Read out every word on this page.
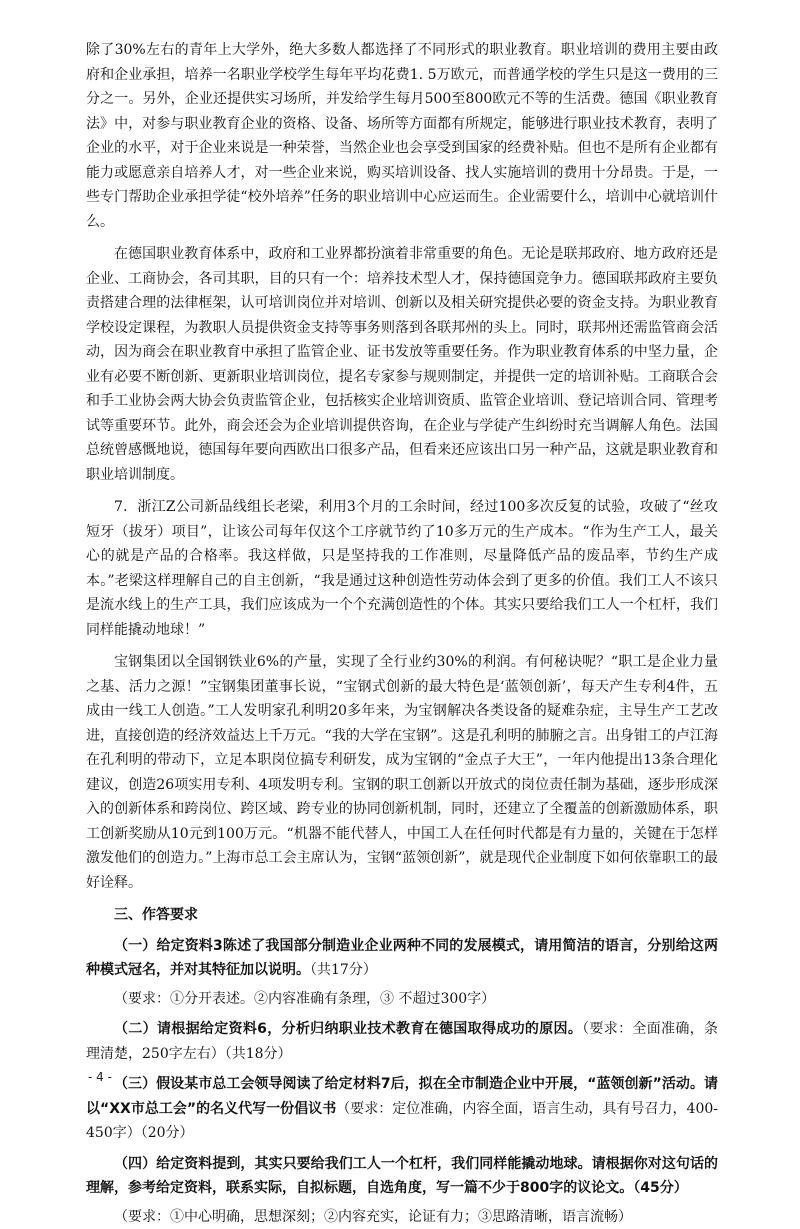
除了30%左右的青年上大学外，绝大多数人都选择了不同形式的职业教育。职业培训的费用主要由政府和企业承担，培养一名职业学校学生每年平均花费1. 5万欧元，而普通学校的学生只是这一费用的三分之一。另外，企业还提供实习场所，并发给学生每月500至800欧元不等的生活费。德国《职业教育法》中，对参与职业教育企业的资格、设备、场所等方面都有所规定，能够进行职业技术教育，表明了企业的水平，对于企业来说是一种荣誉，当然企业也会享受到国家的经费补贴。但也不是所有企业都有能力或愿意亲自培养人才，对一些企业来说，购买培训设备、找人实施培训的费用十分昂贵。于是，一些专门帮助企业承担学徒“校外培养”任务的职业培训中心应运而生。企业需要什么，培训中心就培训什么。

在德国职业教育体系中，政府和工业界都扮演着非常重要的角色。无论是联邦政府、地方政府还是企业、工商协会，各司其职，目的只有一个：培养技术型人才，保持德国竞争力。德国联邦政府主要负责搭建合理的法律框架，认可培训岗位并对培训、创新以及相关研究提供必要的资金支持。为职业教育学校设定课程，为教职人员提供资金支持等事务则落到各联邦州的头上。同时，联邦州还需监管商会活动，因为商会在职业教育中承担了监管企业、证书发放等重要任务。作为职业教育体系的中坚力量，企业有必要不断创新、更新职业培训岗位，提名专家参与规则制定，并提供一定的培训补贴。工商联合会和手工业协会两大协会负责监管企业，包括核实企业培训资质、监管企业培训、登记培训合同、管理考试等重要环节。此外，商会还会为企业培训提供咨询，在企业与学徒产生纠纷时充当调解人角色。法国总统曾感慨地说，德国每年要向西欧出口很多产品，但看来还应该出口另一种产品，这就是职业教育和职业培训制度。

7．浙江Z公司新品线组长老梁，利用3个月的工余时间，经过100多次反复的试验，攻破了“丝攻短牙（拔牙）项目”，让该公司每年仅这个工序就节约了10多万元的生产成本。“作为生产工人，最关心的就是产品的合格率。我这样做，只是坚持我的工作准则，尽量降低产品的废品率，节约生产成本。”老梁这样理解自己的自主创新，“我是通过这种创造性劳动体会到了更多的价值。我们工人不该只是流水线上的生产工具，我们应该成为一个个充满创造性的个体。其实只要给我们工人一个杠杆，我们同样能撬动地球！”

宝钢集团以全国钢铁业6%的产量，实现了全行业约30%的利润。有何秘诀呢？“职工是企业力量之基、活力之源！”宝钢集团董事长说，“宝钢式创新的最大特色是‘蓝领创新’，每天产生专利4件，五成由一线工人创造。”工人发明家孔利明20多年来，为宝钢解决各类设备的疑难杂症，主导生产工艺改进，直接创造的经济效益达上千万元。“我的大学在宝钢”。这是孔利明的肺腑之言。出身钳工的卢江海在孔利明的带动下，立足本职岗位搞专利研发，成为宝钢的“金点子大王”，一年内他提出13条合理化建议，创造26项实用专利、4项发明专利。宝钢的职工创新以开放式的岗位责任制为基础，逐步形成深入的创新体系和跨岗位、跨区域、跨专业的协同创新机制，同时，还建立了全覆盖的创新激励体系，职工创新奖励从10元到100万元。“机器不能代替人，中国工人在任何时代都是有力量的，关键在于怎样激发他们的创造力。”上海市总工会主席认为，宝钢“蓝领创新”，就是现代企业制度下如何依靠职工的最好诠释。

三、作答要求

（一）给定资料3陈述了我国部分制造业企业两种不同的发展模式，请用简洁的语言，分别给这两种模式冠名，并对其特征加以说明。（共17分）

（要求：①分开表述。②内容准确有条理，③ 不超过300字）

（二）请根据给定资料6，分析归纳职业技术教育在德国取得成功的原因。（要求：全面准确，条理清楚，250字左右）（共18分）

（三）假设某市总工会领导阅读了给定材料7后，拟在全市制造企业中开展，“蓝领创新”活动。请以“XX市总工会”的名义代写一份倡议书（要求：定位准确，内容全面，语言生动，具有号召力，400-450字）（20分）

（四）给定资料提到，其实只要给我们工人一个杠杆，我们同样能撬动地球。请根据你对这句话的理解，参考给定资料，联系实际，自拟标题，自选角度，写一篇不少于800字的议论文。（45分）

（要求：①中心明确，思想深刻；②内容充实，论证有力；③思路清晰，语言流畅）

- 4 -
